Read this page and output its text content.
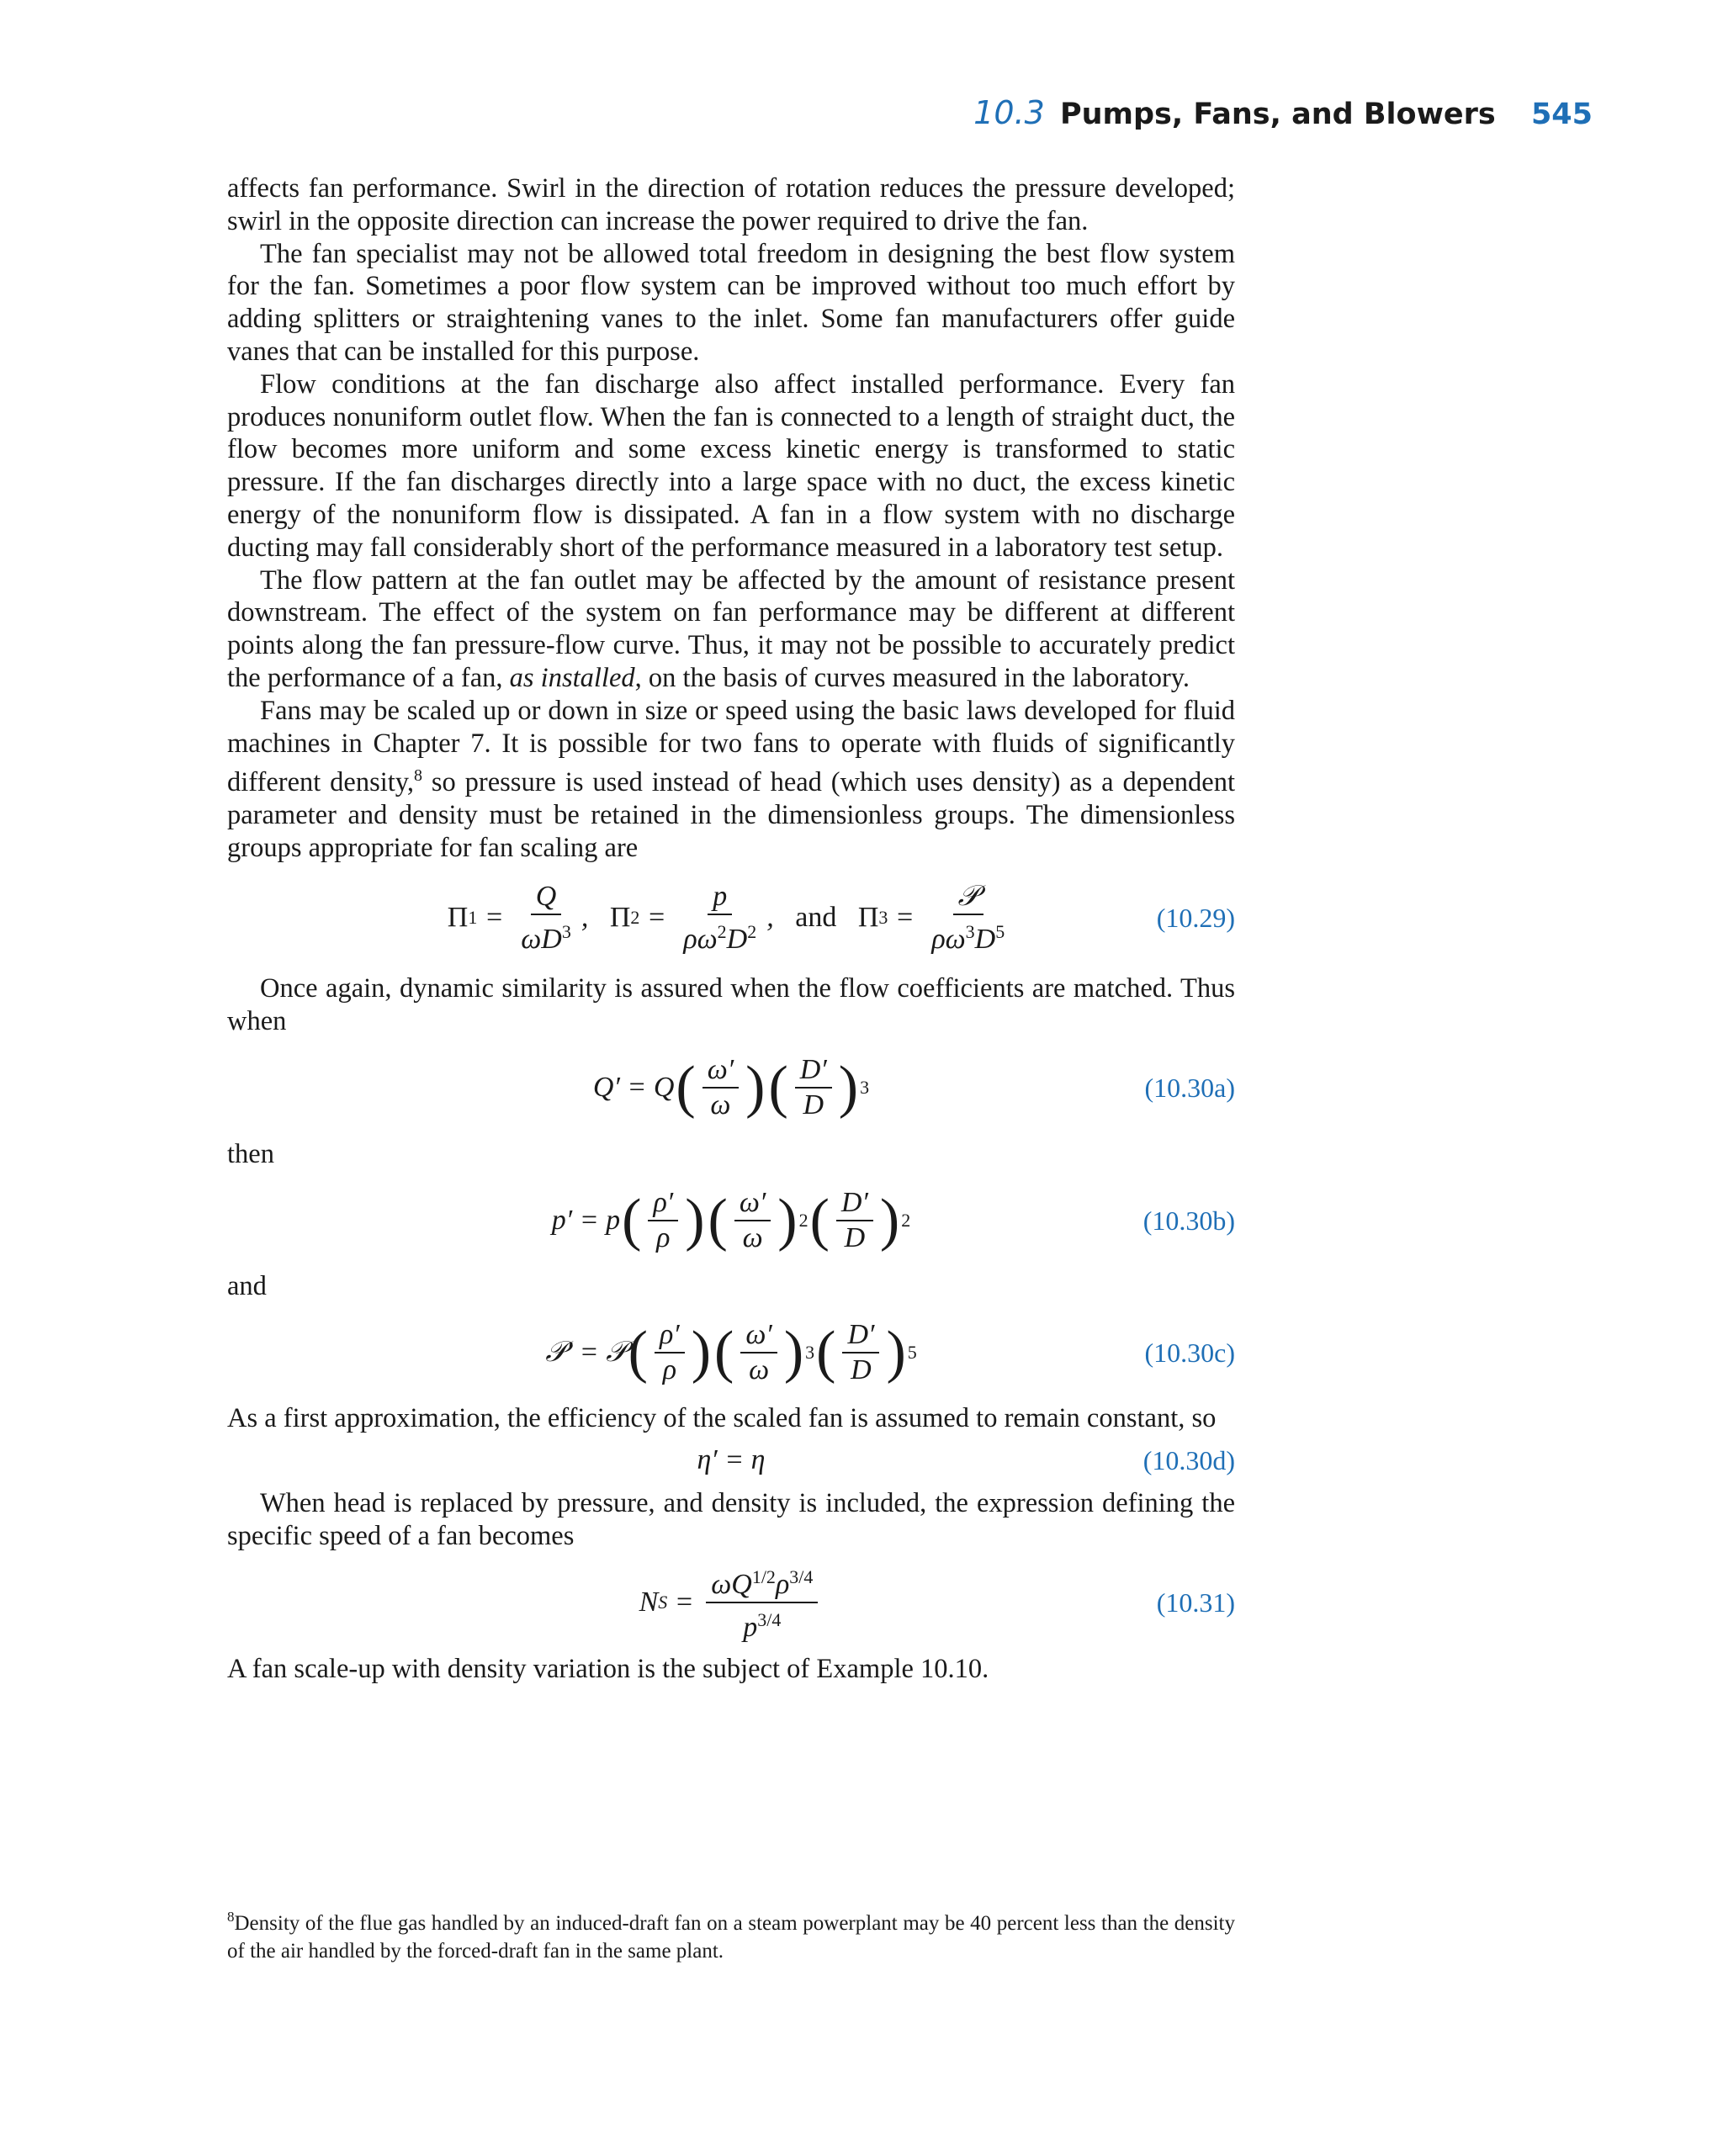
10.3 Pumps, Fans, and Blowers 545

affects fan performance. Swirl in the direction of rotation reduces the pressure developed; swirl in the opposite direction can increase the power required to drive the fan.

The fan specialist may not be allowed total freedom in designing the best flow system for the fan. Sometimes a poor flow system can be improved without too much effort by adding splitters or straightening vanes to the inlet. Some fan manufacturers offer guide vanes that can be installed for this purpose.

Flow conditions at the fan discharge also affect installed performance. Every fan produces nonuniform outlet flow. When the fan is connected to a length of straight duct, the flow becomes more uniform and some excess kinetic energy is transformed to static pressure. If the fan discharges directly into a large space with no duct, the excess kinetic energy of the nonuniform flow is dissipated. A fan in a flow system with no discharge ducting may fall considerably short of the performance measured in a laboratory test setup.

The flow pattern at the fan outlet may be affected by the amount of resistance present downstream. The effect of the system on fan performance may be different at different points along the fan pressure-flow curve. Thus, it may not be possible to accurately predict the performance of a fan, as installed, on the basis of curves measured in the laboratory.

Fans may be scaled up or down in size or speed using the basic laws developed for fluid machines in Chapter 7. It is possible for two fans to operate with fluids of significantly different density,$^8$ so pressure is used instead of head (which uses density) as a dependent parameter and density must be retained in the dimensionless groups. The dimensionless groups appropriate for fan scaling are

Π $1 = \frac{Q}{\omega D^3}$ , Π $2 = \frac{p}{\rho\omega^2D^2}$ , and
Π $3 = \frac{\text{𝒫}}{\rho\omega^3D^5}$	(10.29)

Once again, dynamic similarity is assured when the flow coefficients are matched. Thus when

Q′ = Q ( $\frac{\omega'}{\omega}$ ) ( $\frac{D'}{D}$ ) 3	(10.30a)

then

p′ = p ( $\frac{\rho'}{\rho}$ ) ( $\frac{\omega'}{\omega}$ ) 2 ( $\frac{D'}{D}$ ) 2	(10.30b)

and

𝒫′ = 𝒫 ( $\frac{\rho'}{\rho}$ ) ( $\frac{\omega'}{\omega}$ ) 3 ( $\frac{D'}{D}$ ) 5	(10.30c)

As a first approximation, the efficiency of the scaled fan is assumed to remain constant, so

η′ = η	(10.30d)

When head is replaced by pressure, and density is included, the expression defining the specific speed of a fan becomes

N $S = \frac{\omega Q^{1/2}\rho^{3/4}}{p^{3/4}}$	(10.31)

A fan scale-up with density variation is the subject of Example 10.10.

$^8$Density of the flue gas handled by an induced-draft fan on a steam powerplant may be 40 percent less than the density of the air handled by the forced-draft fan in the same plant.
